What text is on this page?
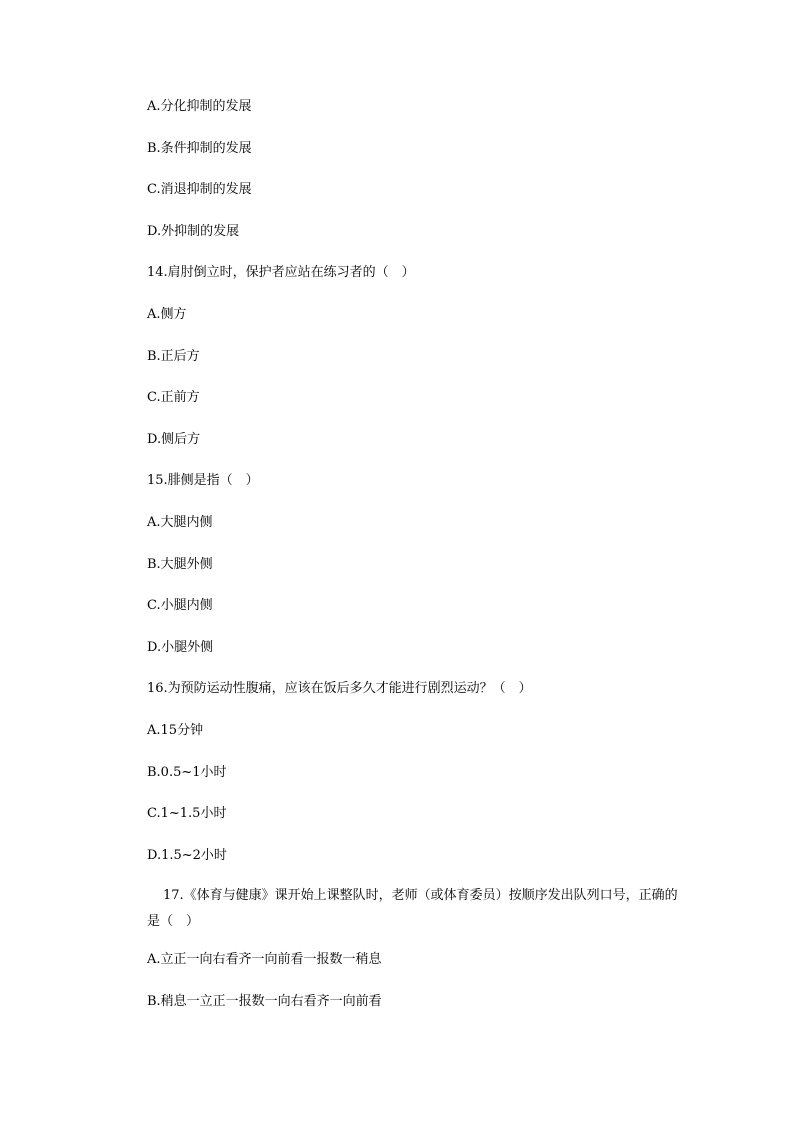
A.分化抑制的发展

B.条件抑制的发展

C.消退抑制的发展

D.外抑制的发展

14.肩肘倒立时，保护者应站在练习者的（　）

A.侧方

B.正后方

C.正前方

D.侧后方

15.腓侧是指（　）

A.大腿内侧

B.大腿外侧

C.小腿内侧

D.小腿外侧

16.为预防运动性腹痛，应该在饭后多久才能进行剧烈运动？（　）

A.15分钟

B.0.5~1小时

C.1~1.5小时

D.1.5~2小时

17.《体育与健康》课开始上课整队时，老师（或体育委员）按顺序发出队列口号，正确的是（　）

A.立正一向右看齐一向前看一报数一稍息

B.稍息一立正一报数一向右看齐一向前看
